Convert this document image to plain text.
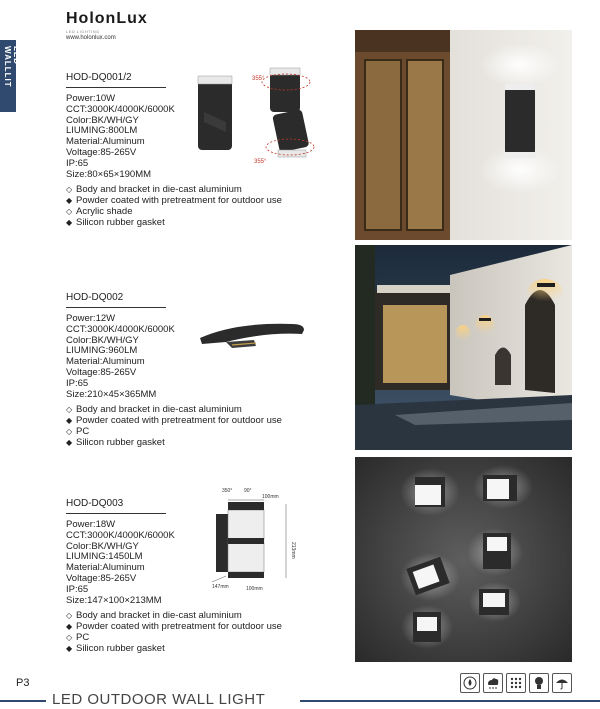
HolonLux
LED LIGHTING
www.holonlux.com
LED WALLLIT	HOD-DQ001/2
Power:10W
CCT:3000K/4000K/6000K
Color:BK/WH/GY
LIUMING:800LM
Material:Aluminum
Voltage:85-265V
IP:65
Size:80×65×190MM
◇ Body and bracket in die-cast aluminium
◆ Powder coated with pretreatment for outdoor use
◇ Acrylic shade
◆ Silicon rubber gasket
355°
355°
HOD-DQ002
Power:12W
CCT:3000K/4000K/6000K
Color:BK/WH/GY
LIUMING:960LM
Material:Aluminum
Voltage:85-265V
IP:65
Size:210×45×365MM
◇ Body and bracket in die-cast aluminium
◆ Powder coated with pretreatment for outdoor use
◇ PC
◆ Silicon rubber gasket
HOD-DQ003
Power:18W
CCT:3000K/4000K/6000K
Color:BK/WH/GY
LIUMING:1450LM
Material:Aluminum
Voltage:85-265V
IP:65
Size:147×100×213MM
◇ Body and bracket in die-cast aluminium
◆ Powder coated with pretreatment for outdoor use
◇ PC
◆ Silicon rubber gasket
350° 90°
100mm
213mm
147mm	100mm
P3
LED OUTDOOR WALL LIGHT
